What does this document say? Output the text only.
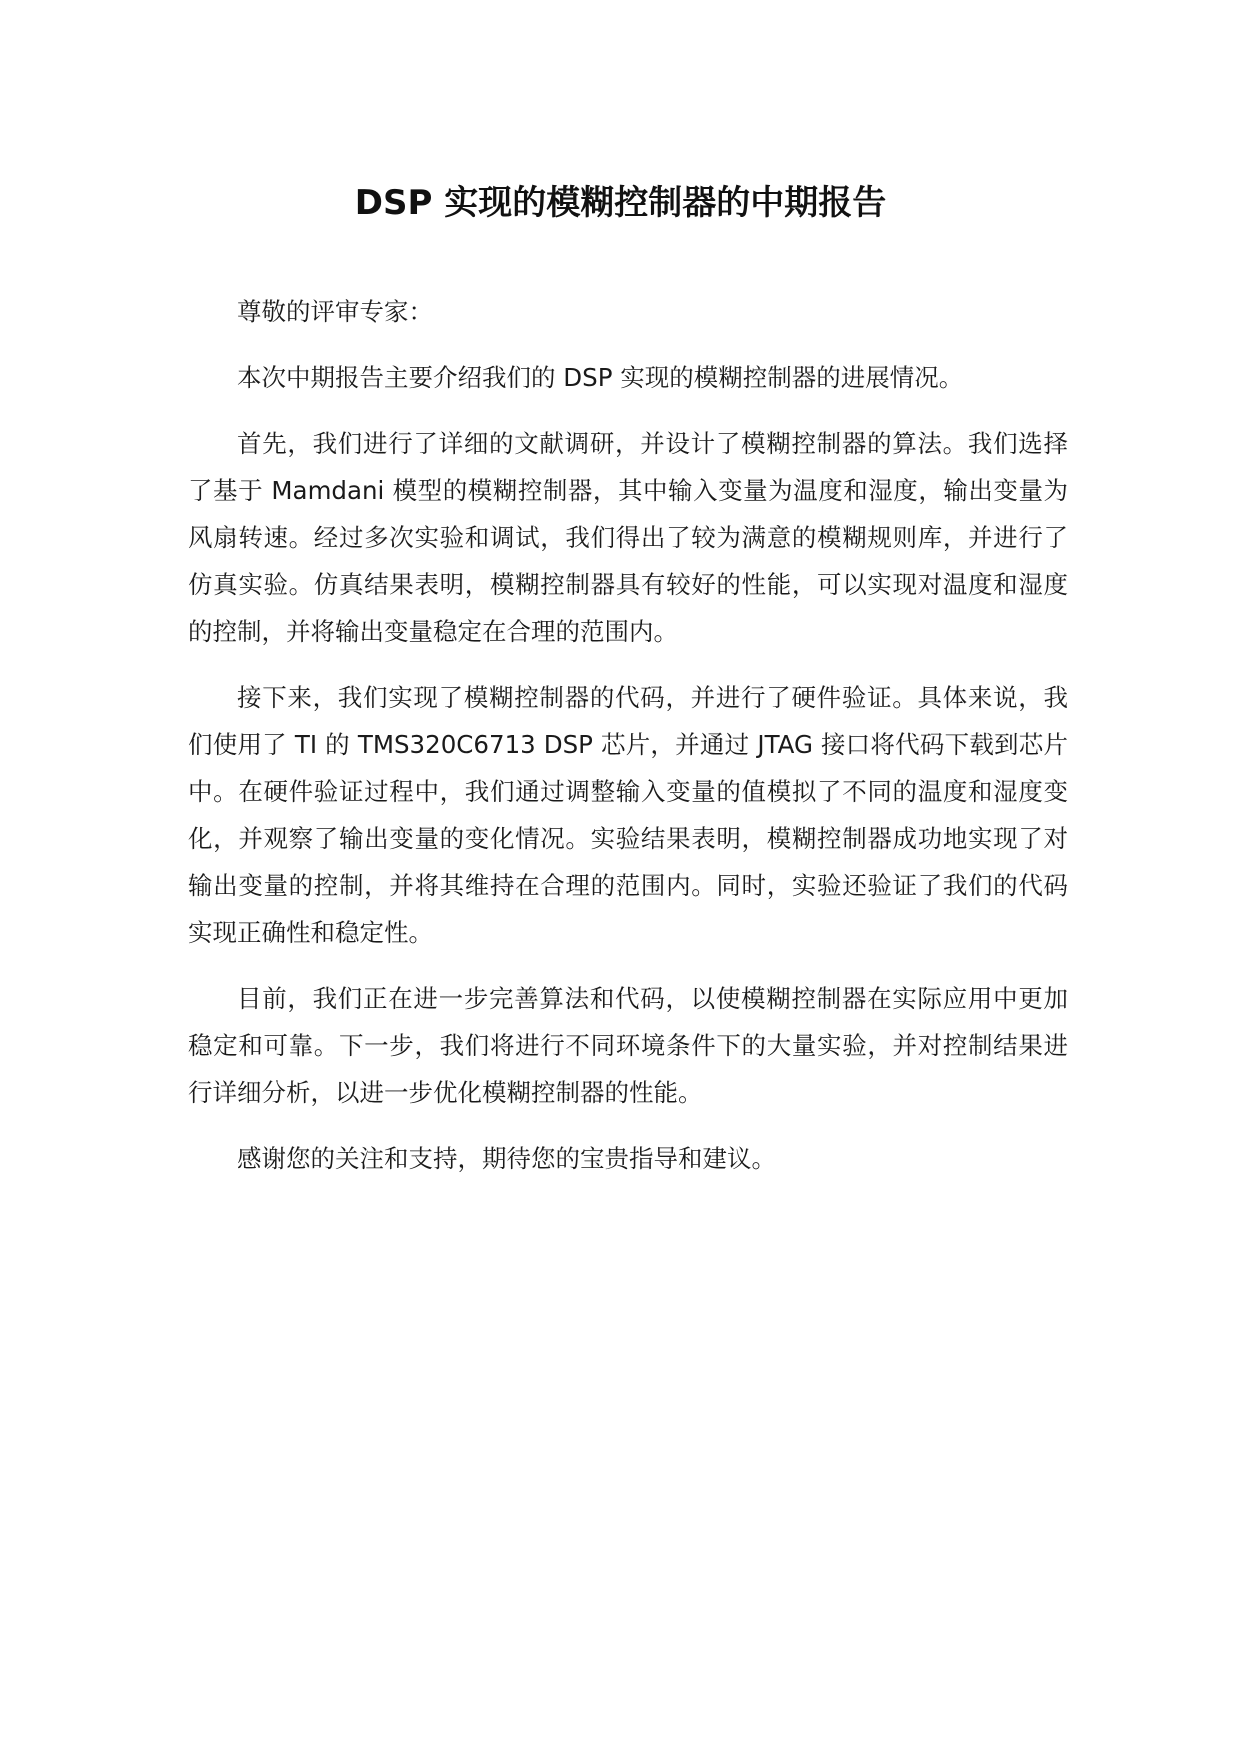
DSP 实现的模糊控制器的中期报告

尊敬的评审专家：

本次中期报告主要介绍我们的 DSP 实现的模糊控制器的进展情况。

首先，我们进行了详细的文献调研，并设计了模糊控制器的算法。我们选择了基于 Mamdani 模型的模糊控制器，其中输入变量为温度和湿度，输出变量为风扇转速。经过多次实验和调试，我们得出了较为满意的模糊规则库，并进行了仿真实验。仿真结果表明，模糊控制器具有较好的性能，可以实现对温度和湿度的控制，并将输出变量稳定在合理的范围内。

接下来，我们实现了模糊控制器的代码，并进行了硬件验证。具体来说，我们使用了 TI 的 TMS320C6713 DSP 芯片，并通过 JTAG 接口将代码下载到芯片中。在硬件验证过程中，我们通过调整输入变量的值模拟了不同的温度和湿度变化，并观察了输出变量的变化情况。实验结果表明，模糊控制器成功地实现了对输出变量的控制，并将其维持在合理的范围内。同时，实验还验证了我们的代码实现正确性和稳定性。

目前，我们正在进一步完善算法和代码，以使模糊控制器在实际应用中更加稳定和可靠。下一步，我们将进行不同环境条件下的大量实验，并对控制结果进行详细分析，以进一步优化模糊控制器的性能。

感谢您的关注和支持，期待您的宝贵指导和建议。
